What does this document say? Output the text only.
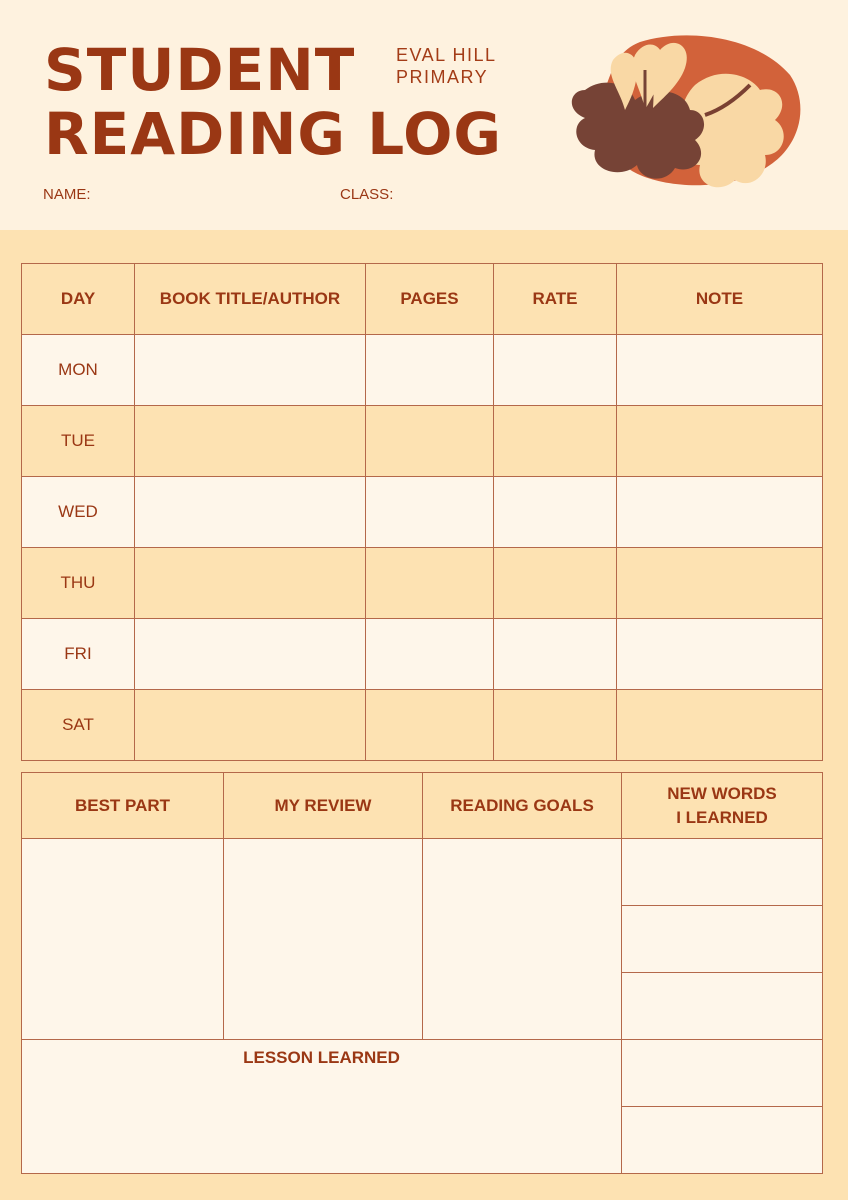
STUDENT
READING LOG
EVAL HILL
PRIMARY
NAME:	CLASS:
DAY	BOOK TITLE/AUTHOR	PAGES	RATE	NOTE
MON				
TUE				
WED				
THU				
FRI				
SAT				
BEST PART	MY REVIEW	READING GOALS	NEW WORDS
I LEARNED

LESSON LEARNED			
